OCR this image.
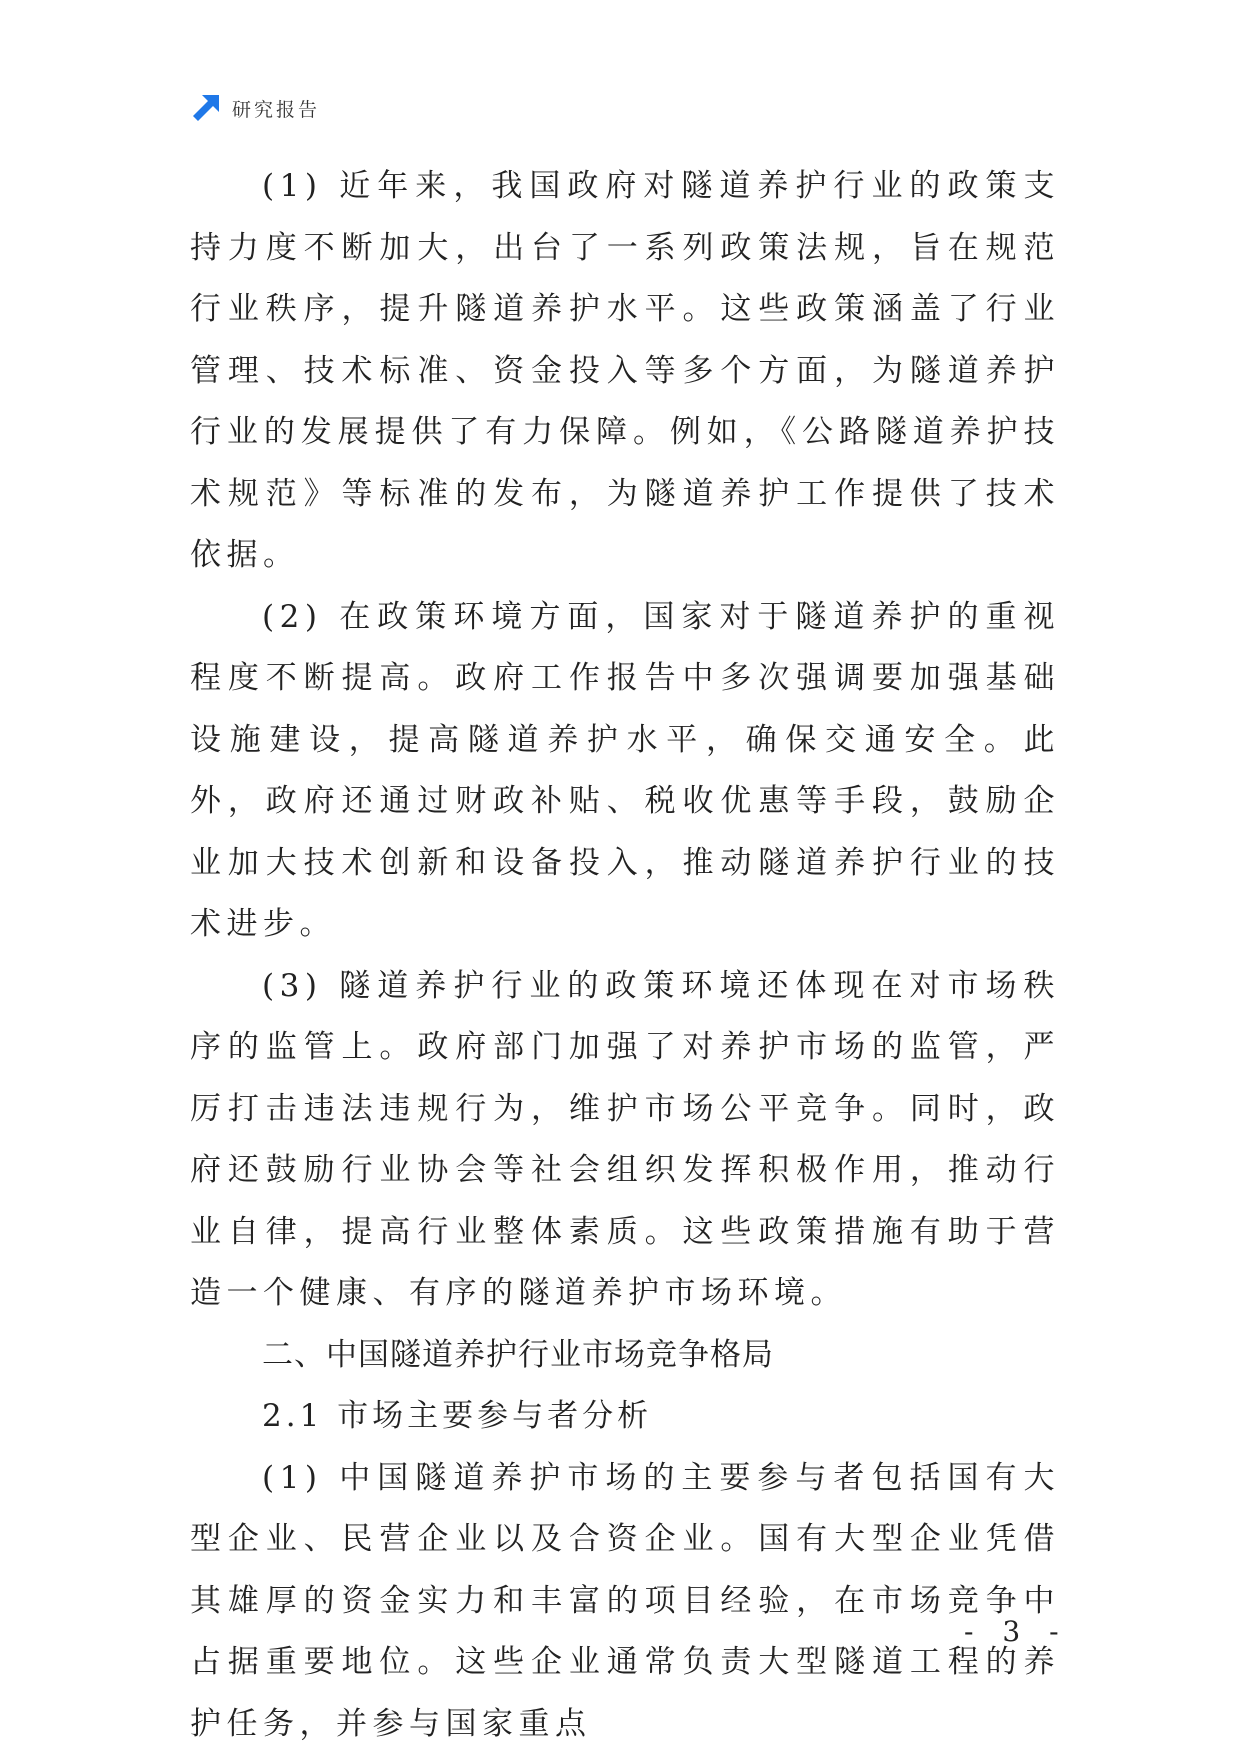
研究报告

(1) 近年来，我国政府对隧道养护行业的政策支持力度不断加大，出台了一系列政策法规，旨在规范行业秩序，提升隧道养护水平。这些政策涵盖了行业管理、技术标准、资金投入等多个方面，为隧道养护行业的发展提供了有力保障。例如，《公路隧道养护技术规范》等标准的发布，为隧道养护工作提供了技术依据。

(2) 在政策环境方面，国家对于隧道养护的重视程度不断提高。政府工作报告中多次强调要加强基础设施建设，提高隧道养护水平，确保交通安全。此外，政府还通过财政补贴、税收优惠等手段，鼓励企业加大技术创新和设备投入，推动隧道养护行业的技术进步。

(3) 隧道养护行业的政策环境还体现在对市场秩序的监管上。政府部门加强了对养护市场的监管，严厉打击违法违规行为，维护市场公平竞争。同时，政府还鼓励行业协会等社会组织发挥积极作用，推动行业自律，提高行业整体素质。这些政策措施有助于营造一个健康、有序的隧道养护市场环境。

二、中国隧道养护行业市场竞争格局
2.1 市场主要参与者分析

(1) 中国隧道养护市场的主要参与者包括国有大型企业、民营企业以及合资企业。国有大型企业凭借其雄厚的资金实力和丰富的项目经验，在市场竞争中占据重要地位。这些企业通常负责大型隧道工程的养护任务，并参与国家重点

- 3 -
